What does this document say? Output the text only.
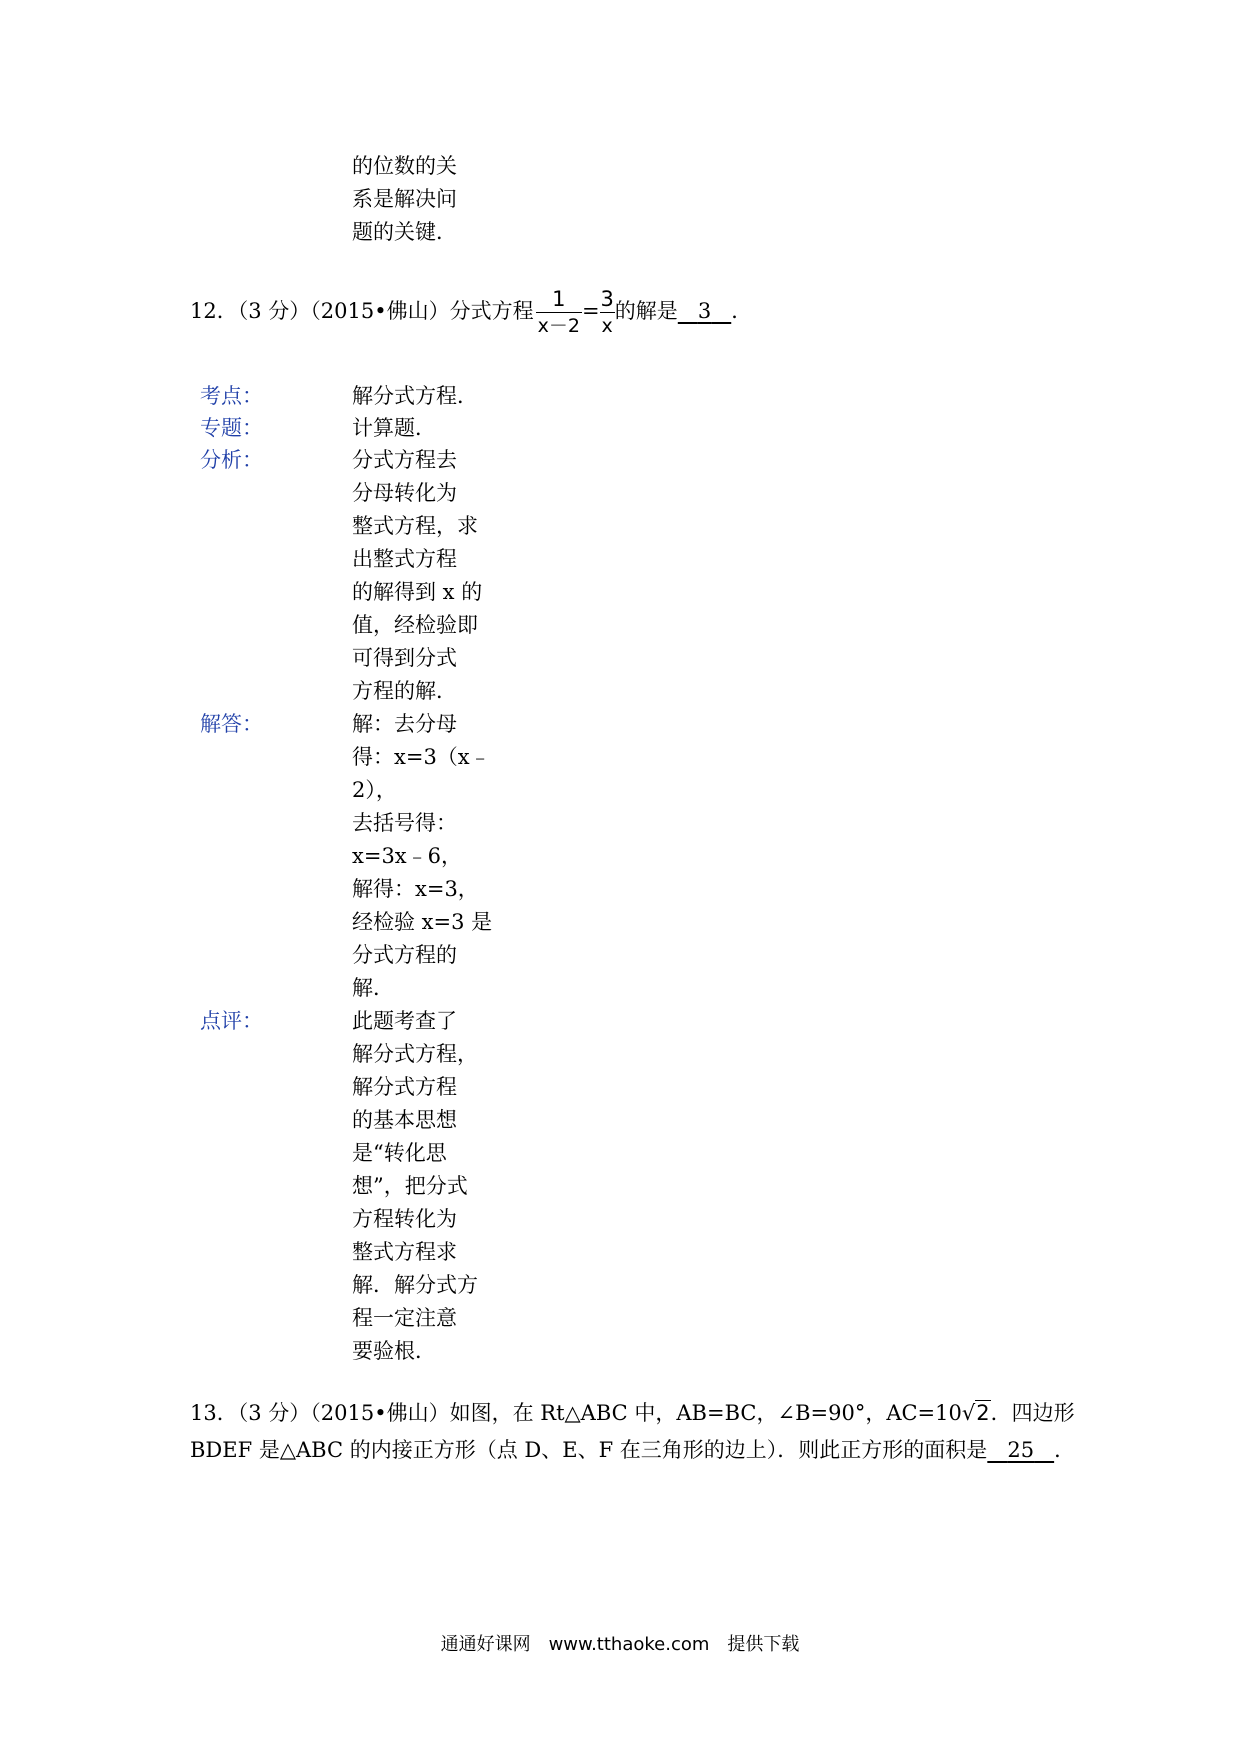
的位数的关
系是解决问
题的关键．
12．（3 分）（2015•佛山）分式方程 $\frac{1}{x-2} = \frac{3}{x}$ 的解是 3 ．
考点：	解分式方程．
专题：	计算题．
分析：	分式方程去
分母转化为
整式方程，求
出整式方程
的解得到 x 的
值，经检验即
可得到分式
方程的解．
解答：	解：去分母
得：x=3（x﹣
2），
去括号得：
x=3x﹣6，
解得：x=3，
经检验 x=3 是
分式方程的
解．
点评：	此题考查了
解分式方程，
解分式方程
的基本思想
是“转化思
想”，把分式
方程转化为
整式方程求
解．解分式方
程一定注意
要验根．
13．（3 分）（2015•佛山）如图，在 Rt△ABC 中，AB=BC，∠B=90°，AC=10√2．四边形
BDEF 是△ABC 的内接正方形（点 D、E、F 在三角形的边上）．则此正方形的面积是 25 ．
通通好课网　www.tthaoke.com　提供下载
